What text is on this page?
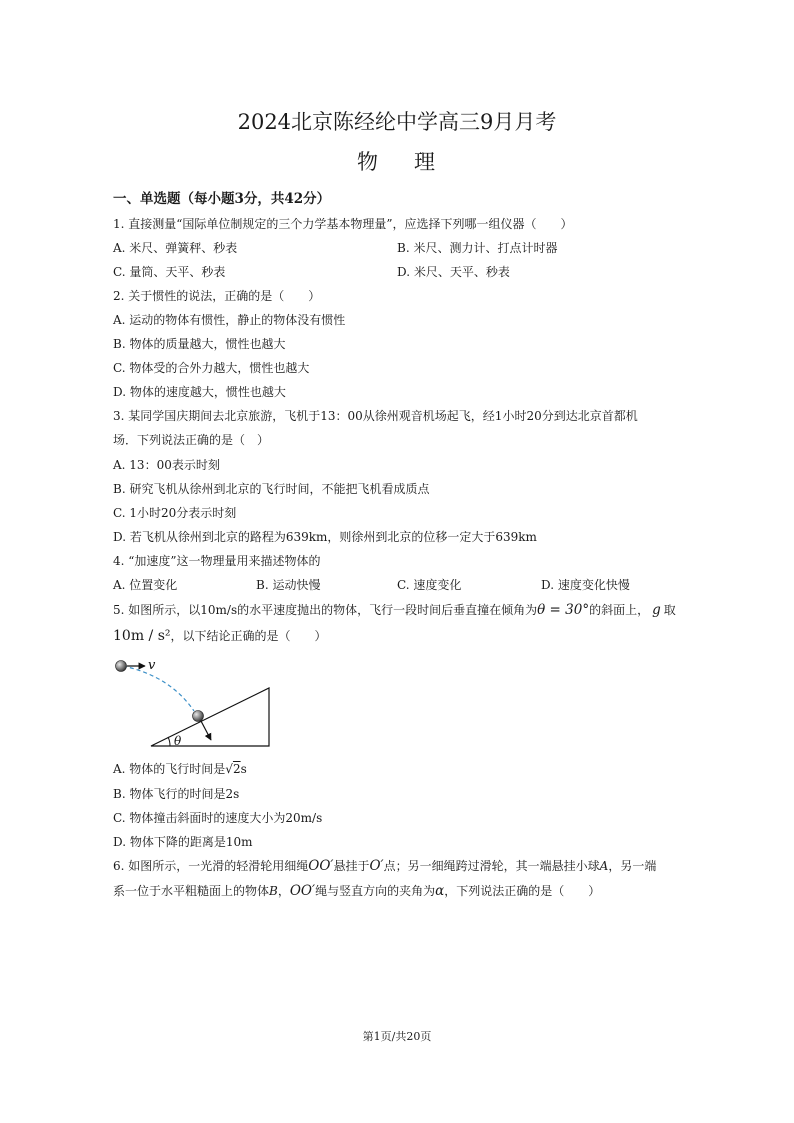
2024北京陈经纶中学高三9月月考
物 理
一、单选题（每小题3分，共42分）
1. 直接测量“国际单位制规定的三个力学基本物理量”，应选择下列哪一组仪器（　　）
A. 米尺、弹簧秤、秒表	B. 米尺、测力计、打点计时器
C. 量筒、天平、秒表	D. 米尺、天平、秒表
2. 关于惯性的说法，正确的是（　　）
A. 运动的物体有惯性，静止的物体没有惯性
B. 物体的质量越大，惯性也越大
C. 物体受的合外力越大，惯性也越大
D. 物体的速度越大，惯性也越大
3. 某同学国庆期间去北京旅游，飞机于13：00从徐州观音机场起飞，经1小时20分到达北京首都机
场．下列说法正确的是（　）
A. 13：00表示时刻
B. 研究飞机从徐州到北京的飞行时间，不能把飞机看成质点
C. 1小时20分表示时刻
D. 若飞机从徐州到北京的路程为639km，则徐州到北京的位移一定大于639km
4. “加速度”这一物理量用来描述物体的
A. 位置变化	B. 运动快慢	C. 速度变化	D. 速度变化快慢
5. 如图所示，以10m/s的水平速度抛出的物体，飞行一段时间后垂直撞在倾角为θ = 30°的斜面上， g 取
10m / s²，以下结论正确的是（　　）
v
θ
A. 物体的飞行时间是√2s
B. 物体飞行的时间是2s
C. 物体撞击斜面时的速度大小为20m/s
D. 物体下降的距离是10m
6. 如图所示，一光滑的轻滑轮用细绳OO′悬挂于O′点；另一细绳跨过滑轮，其一端悬挂小球A，另一端
系一位于水平粗糙面上的物体B，OO′绳与竖直方向的夹角为α，下列说法正确的是（　　）
第1页/共20页
